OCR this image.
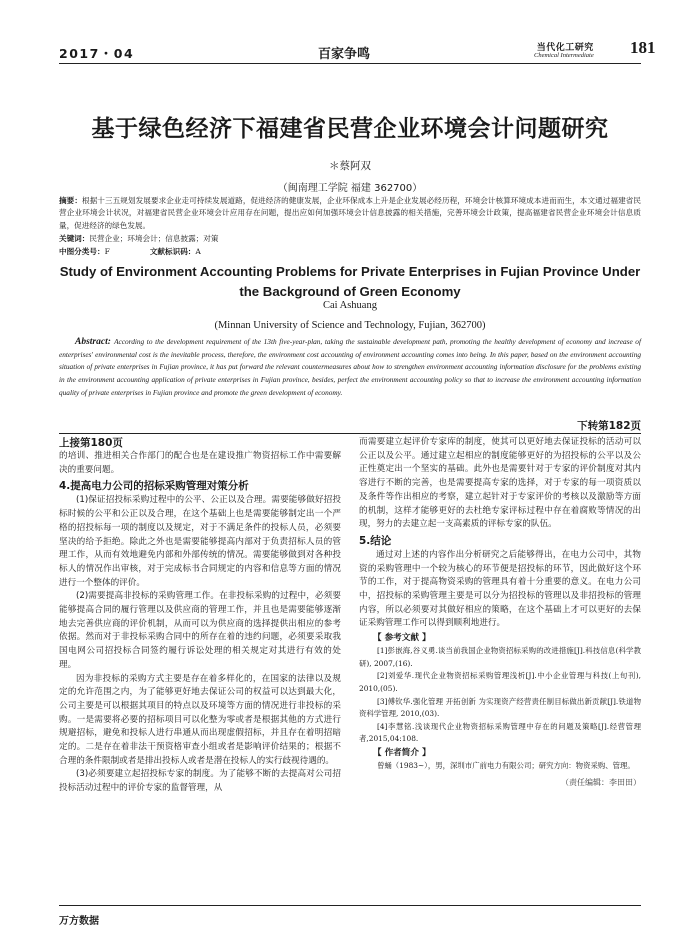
2017・04	百家争鸣	当代化工研究
Chemical Intermediate 181
基于绿色经济下福建省民营企业环境会计问题研究
＊蔡阿双
（闽南理工学院 福建 362700）
摘要：根据十三五规划发展要求企业走可持续发展道路，促进经济的健康发展，企业环保成本上升是企业发展必经历程，环境会计核算环境成本进而而生，本文通过福建省民营企业环境会计状况，对福建省民营企业环境会计应用存在问题，提出应如何加强环境会计信息披露的相关措施，完善环境会计政策，提高福建省民营企业环境会计信息质量，促进经济的绿色发展。
关键词：民营企业；环境会计；信息披露；对策
中图分类号：F	文献标识码：A
Study of Environment Accounting Problems for Private Enterprises in Fujian Province Under the Background of Green Economy
Cai Ashuang
(Minnan University of Science and Technology, Fujian, 362700)
Abstract: According to the development requirement of the 13th five-year-plan, taking the sustainable development path, promoting the healthy development of economy and increase of enterprises' environmental cost is the inevitable process, therefore, the environment cost accounting of environment accounting comes into being. In this paper, based on the environment accounting situation of private enterprises in Fujian province, it has put forward the relevant countermeasures about how to strengthen environment accounting information disclosure for the problems existing in the environment accounting application of private enterprises in Fujian province, besides, perfect the environment accounting policy so that to increase the environment accounting information quality of private enterprises in Fujian province and promote the green development of economy.
下转第182页
上接第180页

的培训、推进相关合作部门的配合也是在建设推广物资招标工作中需要解决的重要问题。

4.提高电力公司的招标采购管理对策分析

(1)保证招投标采购过程中的公平、公正以及合理。需要能够做好招投标时候的公平和公正以及合理，在这个基础上也是需要能够制定出一个严格的招投标每一项的制度以及规定，对于不满足条件的投标人员，必须要坚决的给予拒绝。除此之外也是需要能够提高内部对于负责招标人员的管理工作，从而有效地避免内部和外部传统的情况。需要能够做到对各种投标人的情况作出审核，对于完成标书合同规定的内容和信息等方面的情况进行一个整体的评价。

(2)需要提高非投标的采购管理工作。在非投标采购的过程中，必须要能够提高合同的履行管理以及供应商的管理工作，并且也是需要能够逐渐地去完善供应商的评价机制，从而可以为供应商的选择提供出相应的参考依据。然而对于非投标采购合同中的所存在着的违约问题，必须要采取我国电网公司招投标合同签约履行诉讼处理的相关规定对其进行有效的处理。

因为非投标的采购方式主要是存在着多样化的，在国家的法律以及规定的允许范围之内，为了能够更好地去保证公司的权益可以达到最大化，公司主要是可以根据其项目的特点以及环境等方面的情况进行非投标的采购。一是需要将必要的招标项目可以化整为零或者是根据其他的方式进行规避招标，避免和投标人进行串通从而出现虚假招标，并且存在着明招暗定的。二是存在着非法干预资格审查小组或者是影响评价结果的；根据不合理的条件限制或者是排出投标人或者是潜在投标人的实行歧视待遇的。

(3)必须要建立起招投标专家的制度。为了能够不断的去提高对公司招投标活动过程中的评价专家的监督管理，从

而需要建立起评价专家库的制度，使其可以更好地去保证投标的活动可以公正以及公平。通过建立起相应的制度能够更好的为招投标的公平以及公正性奠定出一个坚实的基础。此外也是需要针对于专家的评价制度对其内容进行不断的完善，也是需要提高专家的选择，对于专家的每一项资质以及条件等作出相应的考察，建立起针对于专家评价的考核以及激励等方面的机制，这样才能够更好的去杜绝专家评标过程中存在着腐败等情况的出现，努力的去建立起一支高素质的评标专家的队伍。

5.结论

通过对上述的内容作出分析研究之后能够得出，在电力公司中，其物资的采购管理中一个较为核心的环节便是招投标的环节，因此做好这个环节的工作，对于提高物资采购的管理具有着十分重要的意义。在电力公司中，招投标的采购管理主要是可以分为招投标的管理以及非招投标的管理内容，所以必须要对其做好相应的策略，在这个基础上才可以更好的去保证采购管理工作可以得到顺利地进行。

【 参考文献 】

[1]彭嵌海,谷义勇.谈当前我国企业物资招标采购的改进措施[J].科技信息(科学教研), 2007,(16).

[2]刘爱华.现代企业物资招标采购管理浅析[J].中小企业管理与科技(上旬刊), 2010,(05).

[3]傅钦华.强化管理 开拓创新 为实现资产经营责任制目标做出新贡献[J].铁道物资科学管理, 2010,(03).

[4]李慧铭.浅谈现代企业物资招标采购管理中存在的问题及策略[J].经营管理者,2015,04:108.

【 作者简介 】

曾蛹（1983~），男，深圳市广前电力有限公司；研究方向：物资采购、管理。

（责任编辑：李田田）
万方数据
